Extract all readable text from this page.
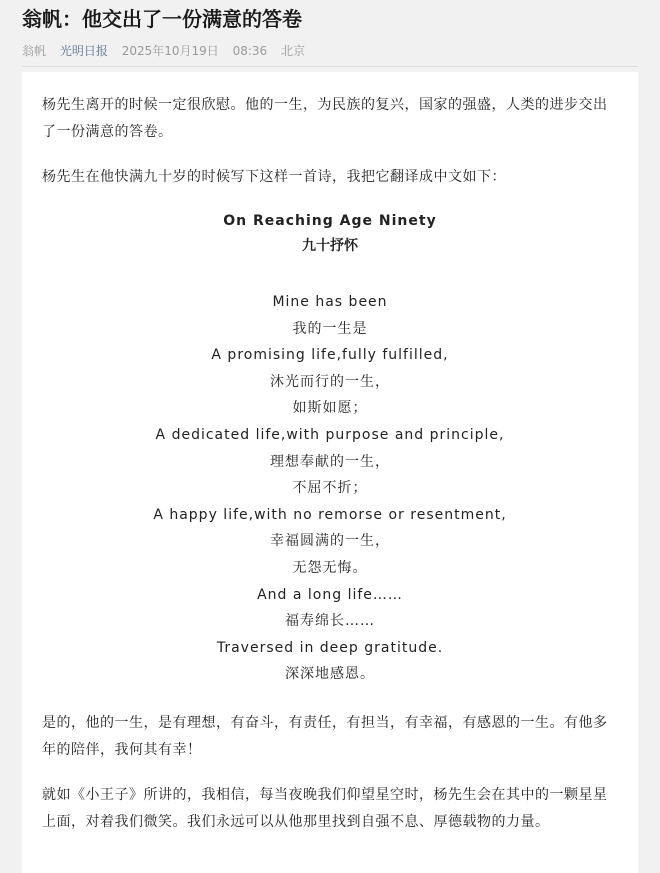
翁帆：他交出了一份满意的答卷
翁帆 光明日报 2025年10月19日 08:36 北京

杨先生离开的时候一定很欣慰。他的一生，为民族的复兴，国家的强盛，人类的进步交出了一份满意的答卷。

杨先生在他快满九十岁的时候写下这样一首诗，我把它翻译成中文如下：

On Reaching Age Ninety
九十抒怀
Mine has been
我的一生是
A promising life,fully fulfilled,
沐光而行的一生，
如斯如愿；
A dedicated life,with purpose and principle,
理想奉献的一生，
不屈不折；
A happy life,with no remorse or resentment,
幸福圆满的一生，
无怨无悔。
And a long life……
福寿绵长……
Traversed in deep gratitude.
深深地感恩。

是的，他的一生，是有理想，有奋斗，有责任，有担当，有幸福，有感恩的一生。有他多年的陪伴，我何其有幸！

就如《小王子》所讲的，我相信，每当夜晚我们仰望星空时，杨先生会在其中的一颗星星上面，对着我们微笑。我们永远可以从他那里找到自强不息、厚德载物的力量。
